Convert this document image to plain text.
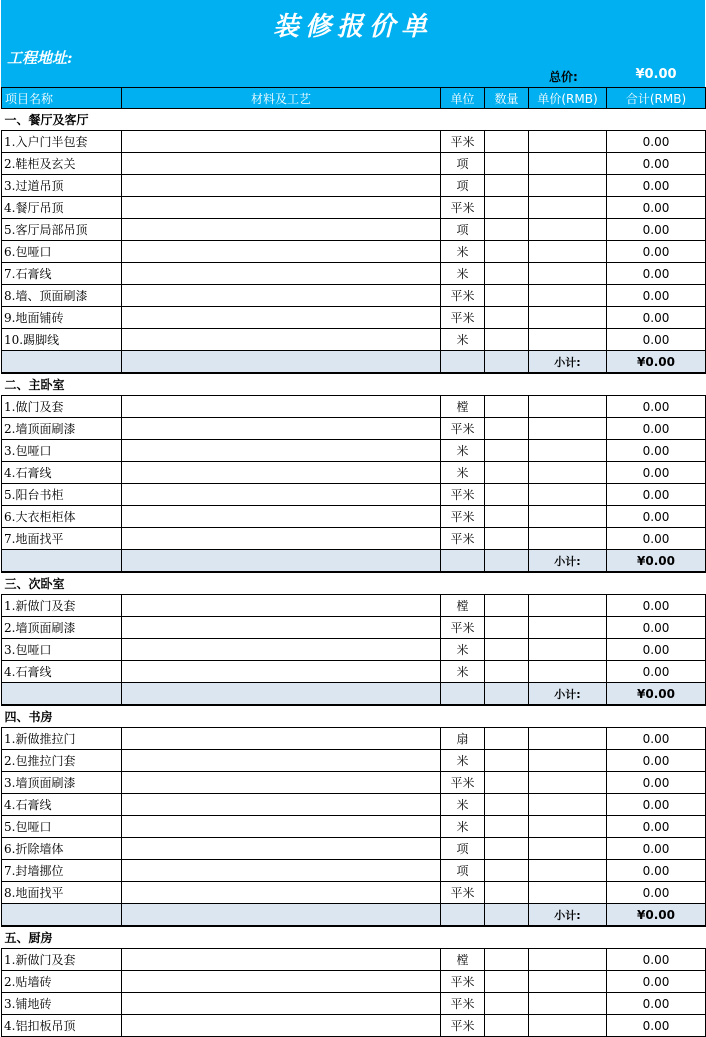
装修报价单
工程地址:
总价:	¥0.00
项目名称	材料及工艺	单位	数量	单价(RMB)	合计(RMB)
一、餐厅及客厅					
1.入户门半包套		平米			0.00
2.鞋柜及玄关		项			0.00
3.过道吊顶		项			0.00
4.餐厅吊顶		平米			0.00
5.客厅局部吊顶		项			0.00
6.包哑口		米			0.00
7.石膏线		米			0.00
8.墙、顶面刷漆		平米			0.00
9.地面铺砖		平米			0.00
10.踢脚线		米			0.00
				小计:	¥0.00
二、主卧室					
1.做门及套		樘			0.00
2.墙顶面刷漆		平米			0.00
3.包哑口		米			0.00
4.石膏线		米			0.00
5.阳台书柜		平米			0.00
6.大衣柜柜体		平米			0.00
7.地面找平		平米			0.00
				小计:	¥0.00
三、次卧室					
1.新做门及套		樘			0.00
2.墙顶面刷漆		平米			0.00
3.包哑口		米			0.00
4.石膏线		米			0.00
				小计:	¥0.00
四、书房					
1.新做推拉门		扇			0.00
2.包推拉门套		米			0.00
3.墙顶面刷漆		平米			0.00
4.石膏线		米			0.00
5.包哑口		米			0.00
6.折除墙体		项			0.00
7.封墙挪位		项			0.00
8.地面找平		平米			0.00
				小计:	¥0.00
五、厨房					
1.新做门及套		樘			0.00
2.贴墙砖		平米			0.00
3.铺地砖		平米			0.00
4.铝扣板吊顶		平米			0.00
